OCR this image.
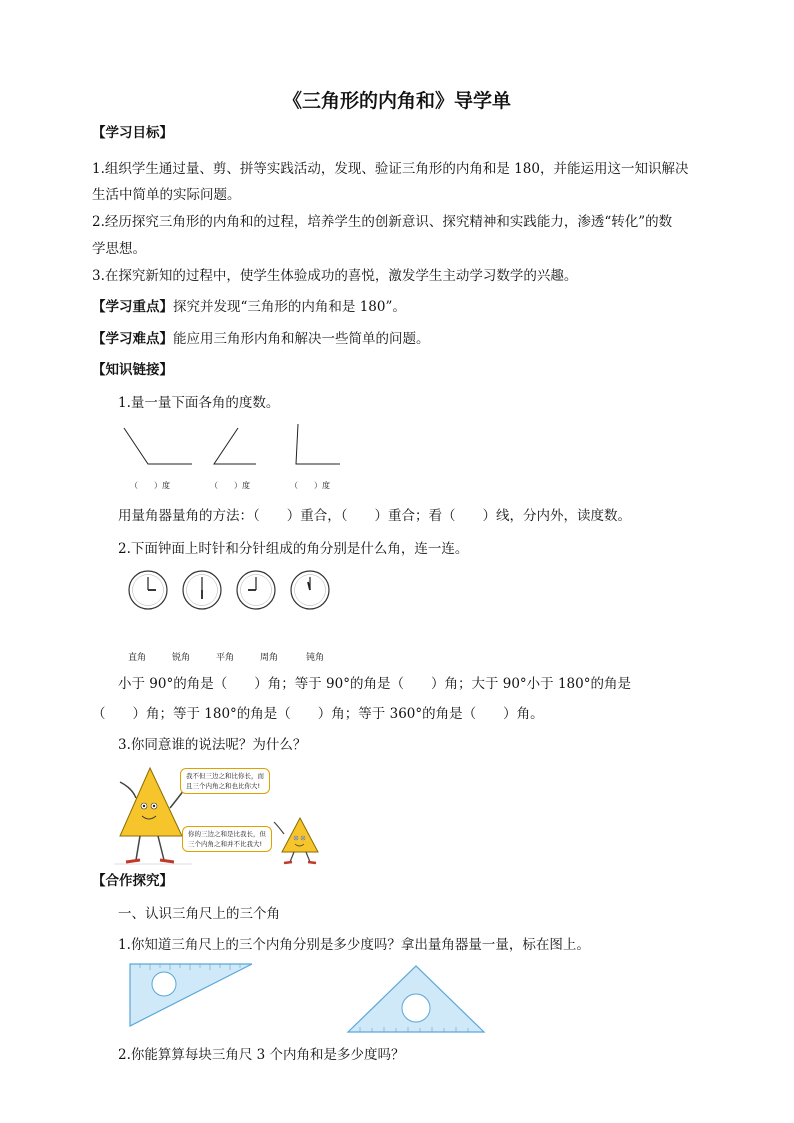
《三角形的内角和》导学单
【学习目标】
1.组织学生通过量、剪、拼等实践活动，发现、验证三角形的内角和是 180，并能运用这一知识解决
生活中简单的实际问题。
2.经历探究三角形的内角和的过程，培养学生的创新意识、探究精神和实践能力，渗透“转化”的数
学思想。
3.在探究新知的过程中，使学生体验成功的喜悦，激发学生主动学习数学的兴趣。
【学习重点】探究并发现“三角形的内角和是 180”。
【学习难点】能应用三角形内角和解决一些简单的问题。
【知识链接】
1.量一量下面各角的度数。
（　　）度	（　　）度	（　　）度
用量角器量角的方法：（　　）重合，（　　）重合；看（　　）线，分内外，读度数。
2.下面钟面上时针和分针组成的角分别是什么角，连一连。
直角	锐角	平角	周角	钝角
小于 90°的角是（　　）角；等于 90°的角是（　　）角；大于 90°小于 180°的角是
（　　）角；等于 180°的角是（　　）角；等于 360°的角是（　　）角。
3.你同意谁的说法呢？为什么？
我不但三边之和比你长，而
且三个内角之和也比你大!
你的三边之和是比我长，但
三个内角之和并不比我大!
【合作探究】
一、认识三角尺上的三个角
1.你知道三角尺上的三个内角分别是多少度吗？拿出量角器量一量，标在图上。
2.你能算算每块三角尺 3 个内角和是多少度吗？
